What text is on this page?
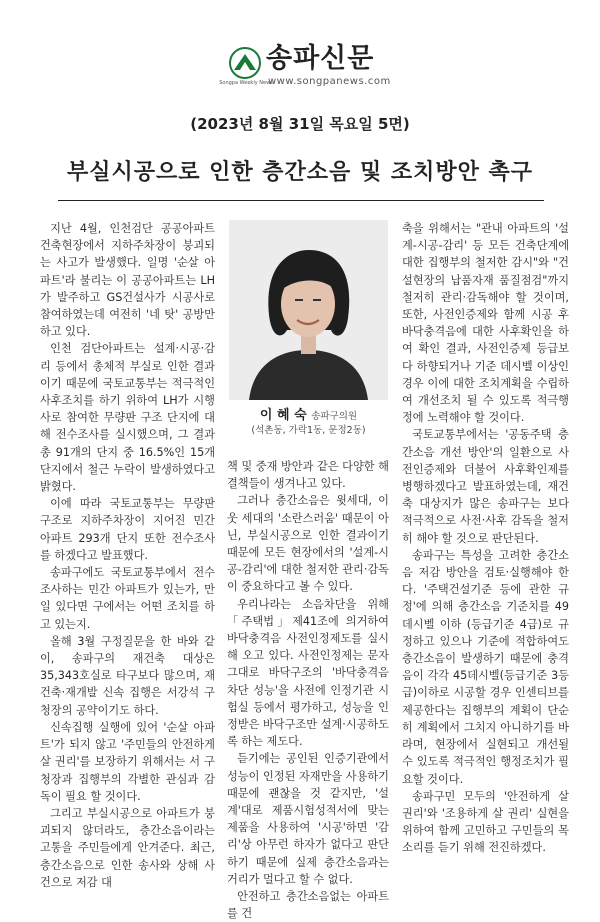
Songpa Weekly News
송파신문
www.songpanews.com
(2023년 8월 31일 목요일 5면)
부실시공으로 인한 층간소음 및 조치방안 촉구

지난 4월, 인천검단 공공아파트 건축현장에서 지하주차장이 붕괴되는 사고가 발생했다. 일명 '순살 아파트'라 불리는 이 공공아파트는 LH가 발주하고 GS건설사가 시공사로 참여하였는데 여전히 '네 탓' 공방만 하고 있다.

인천 검단아파트는 설계·시공·감리 등에서 총체적 부실로 인한 결과이기 때문에 국토교통부는 적극적인 사후조치를 하기 위하여 LH가 시행사로 참여한 무량판 구조 단지에 대해 전수조사를 실시했으며, 그 결과 총 91개의 단지 중 16.5%인 15개 단지에서 철근 누락이 발생하였다고 밝혔다.

이에 따라 국토교통부는 무량판 구조로 지하주차장이 지어진 민간 아파트 293개 단지 또한 전수조사를 하겠다고 발표했다.

송파구에도 국토교통부에서 전수조사하는 민간 아파트가 있는가, 만일 있다면 구에서는 어떤 조치를 하고 있는지.

올해 3월 구정질문을 한 바와 같이, 송파구의 재건축 대상은 35,343호실로 타구보다 많으며, 재건축·재개발 신속 집행은 서강석 구청장의 공약이기도 하다.

신속집행 실행에 있어 '순살 아파트'가 되지 않고 '주민들의 안전하게 살 권리'를 보장하기 위해서는 서 구청장과 집행부의 각별한 관심과 감독이 필요 할 것이다.

그리고 부실시공으로 아파트가 붕괴되지 않더라도, 층간소음이라는 고통을 주민들에게 안겨준다. 최근, 층간소음으로 인한 송사와 상해 사건으로 저감 대

이 혜 숙 송파구의원
(석촌동, 가락1동, 문정2동)

책 및 중재 방안과 같은 다양한 해결책들이 생겨나고 있다.

그러나 층간소음은 윗세대, 이웃 세대의 '소란스러움' 때문이 아닌, 부실시공으로 인한 결과이기 때문에 모든 현장에서의 '설계-시공-감리'에 대한 철저한 관리·감독이 중요하다고 볼 수 있다.

우리나라는 소음차단을 위해 「주택법」제41조에 의거하여 바닥충격음 사전인정제도를 실시해 오고 있다. 사전인정제는 문자그대로 바닥구조의 '바닥충격음 차단 성능'을 사전에 인정기관 시험실 등에서 평가하고, 성능을 인정받은 바닥구조만 설계·시공하도록 하는 제도다.

듣기에는 공인된 인증기관에서 성능이 인정된 자재만을 사용하기 때문에 괜찮을 것 같지만, '설계'대로 제품시험성적서에 맞는 제품을 사용하여 '시공'하면 '감리'상 아무런 하자가 없다고 판단하기 때문에 실제 층간소음과는 거리가 멀다고 할 수 없다.

안전하고 층간소음없는 아파트를 건

축을 위해서는 "관내 아파트의 '설계-시공-감리' 등 모든 건축단계에 대한 집행부의 철저한 감시"와 "건설현장의 납품자재 품질점검"까지 철저히 관리·감독해야 할 것이며, 또한, 사전인증제와 함께 시공 후 바닥충격음에 대한 사후확인을 하여 확인 결과, 사전인증제 등급보다 하향되거나 기준 데시벨 이상인 경우 이에 대한 조치계획을 수립하여 개선조치 될 수 있도록 적극행정에 노력해야 할 것이다.

국토교통부에서는 '공동주택 층간소음 개선 방안'의 일환으로 사전인증제와 더불어 사후확인제를 병행하겠다고 발표하였는데, 재건축 대상지가 많은 송파구는 보다 적극적으로 사전·사후 감독을 철저히 해야 할 것으로 판단된다.

송파구는 특성을 고려한 층간소음 저감 방안을 검토·실행해야 한다. '주택건설기준 등에 관한 규정'에 의해 층간소음 기준치를 49데시벨 이하 (등급기준 4급)로 규정하고 있으나 기준에 적합하여도 층간소음이 발생하기 때문에 충격음이 각각 45데시벨(등급기준 3등급)이하로 시공할 경우 인센티브를 제공한다는 집행부의 계획이 단순히 계획에서 그치지 아니하기를 바라며, 현장에서 실현되고 개선될 수 있도록 적극적인 행정조치가 필요할 것이다.

송파구민 모두의 '안전하게 살 권리'와 '조용하게 살 권리' 실현을 위하여 함께 고민하고 구민들의 목소리를 듣기 위해 전진하겠다.
